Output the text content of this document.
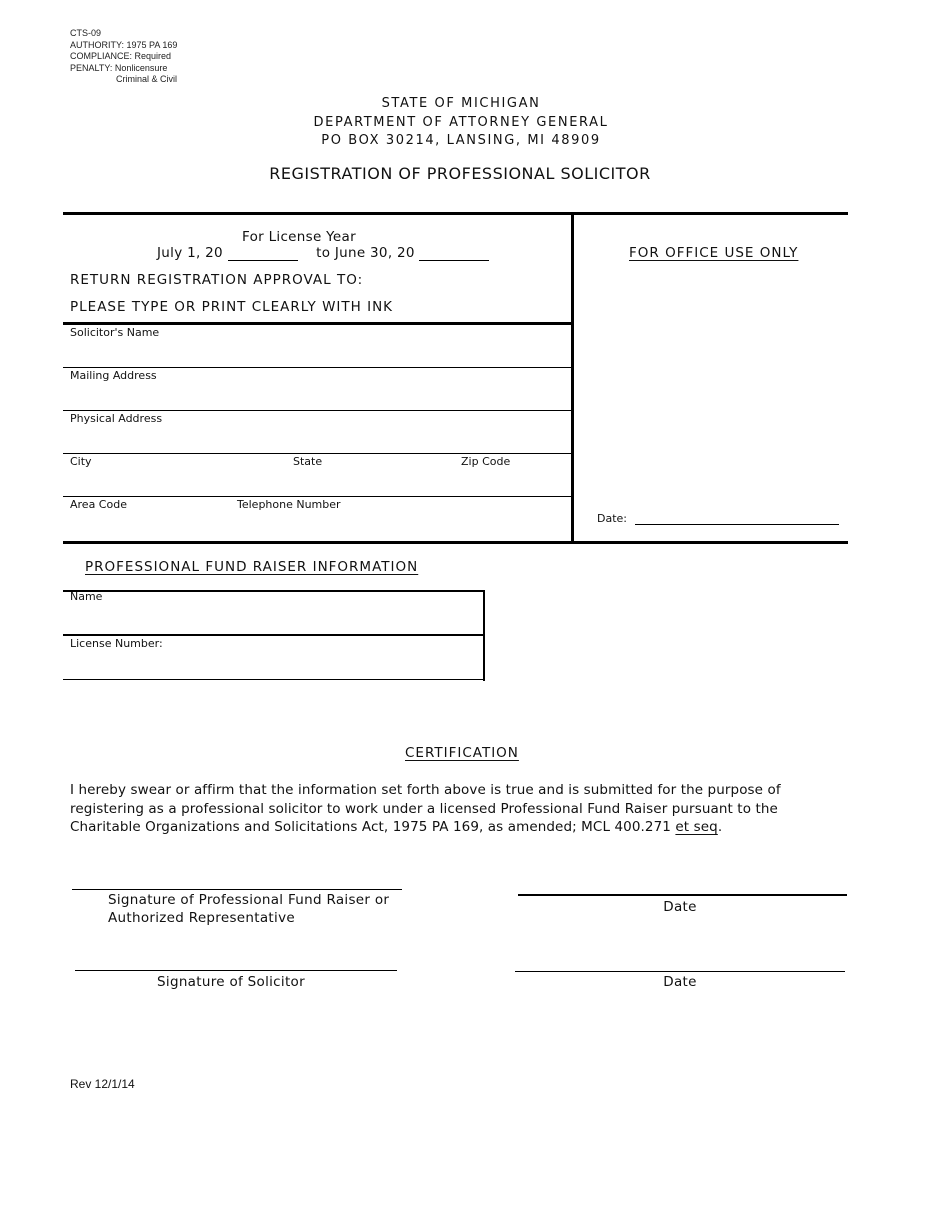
CTS-09
AUTHORITY: 1975 PA 169
COMPLIANCE: Required
PENALTY: Nonlicensure
Criminal & Civil
STATE OF MICHIGAN
DEPARTMENT OF ATTORNEY GENERAL
PO BOX 30214, LANSING, MI 48909
REGISTRATION OF PROFESSIONAL SOLICITOR
For License Year
July 1, 20	to June 30, 20
RETURN REGISTRATION APPROVAL TO:
PLEASE TYPE OR PRINT CLEARLY WITH INK
FOR OFFICE USE ONLY
Date:
Solicitor's Name
Mailing Address
Physical Address
City	State	Zip Code
Area Code	Telephone Number
PROFESSIONAL FUND RAISER INFORMATION
Name
License Number:
CERTIFICATION
I hereby swear or affirm that the information set forth above is true and is submitted for the purpose of registering as a professional solicitor to work under a licensed Professional Fund Raiser pursuant to the Charitable Organizations and Solicitations Act, 1975 PA 169, as amended; MCL 400.271 et seq.
Signature of Professional Fund Raiser or
Authorized Representative
Date
Signature of Solicitor	Date
Rev 12/1/14
